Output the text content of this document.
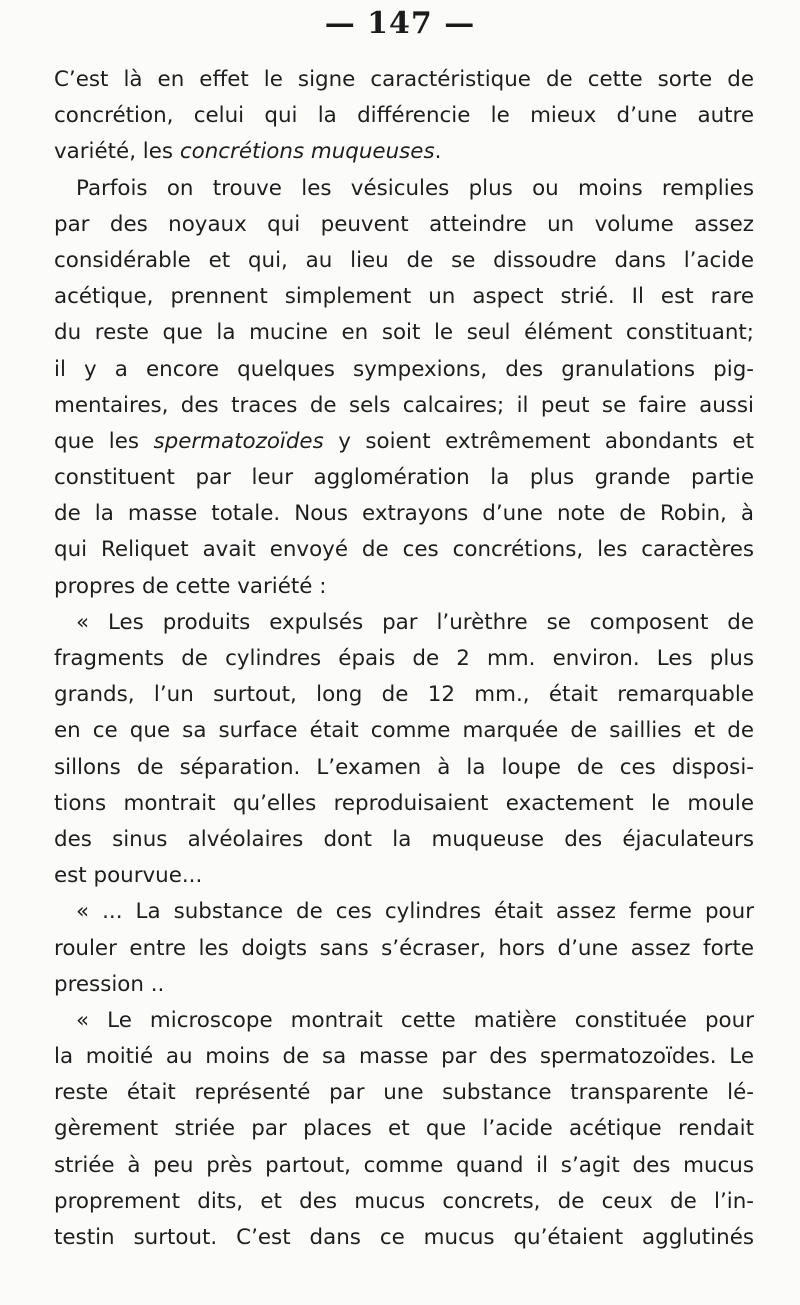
— 147 —
C’est là en effet le signe caractéristique de cette sorte de
concrétion, celui qui la différencie le mieux d’une autre
variété, les concrétions muqueuses.
Parfois on trouve les vésicules plus ou moins remplies
par des noyaux qui peuvent atteindre un volume assez
considérable et qui, au lieu de se dissoudre dans l’acide
acétique, prennent simplement un aspect strié. Il est rare
du reste que la mucine en soit le seul élément constituant;
il y a encore quelques sympexions, des granulations pig-
mentaires, des traces de sels calcaires; il peut se faire aussi
que les spermatozoïdes y soient extrêmement abondants et
constituent par leur agglomération la plus grande partie
de la masse totale. Nous extrayons d’une note de Robin, à
qui Reliquet avait envoyé de ces concrétions, les caractères
propres de cette variété :
« Les produits expulsés par l’urèthre se composent de
fragments de cylindres épais de 2 mm. environ. Les plus
grands, l’un surtout, long de 12 mm., était remarquable
en ce que sa surface était comme marquée de saillies et de
sillons de séparation. L’examen à la loupe de ces disposi-
tions montrait qu’elles reproduisaient exactement le moule
des sinus alvéolaires dont la muqueuse des éjaculateurs
est pourvue...
« ... La substance de ces cylindres était assez ferme pour
rouler entre les doigts sans s’écraser, hors d’une assez forte
pression ..
« Le microscope montrait cette matière constituée pour
la moitié au moins de sa masse par des spermatozoïdes. Le
reste était représenté par une substance transparente lé-
gèrement striée par places et que l’acide acétique rendait
striée à peu près partout, comme quand il s’agit des mucus
proprement dits, et des mucus concrets, de ceux de l’in-
testin surtout. C’est dans ce mucus qu’étaient agglutinés
